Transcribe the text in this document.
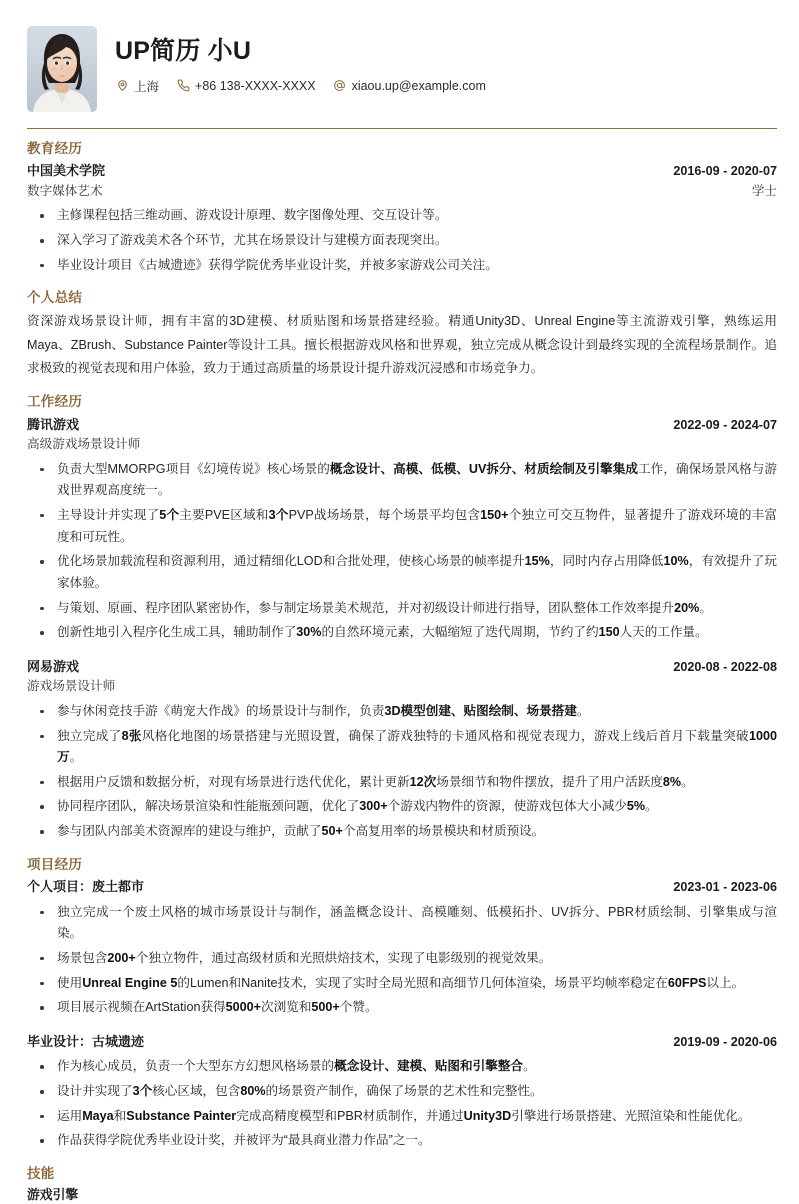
UP简历 小U
上海	+86 138-XXXX-XXXX	xiaou.up@example.com
教育经历
中国美术学院	2016-09 - 2020-07
数字媒体艺术	学士
主修课程包括三维动画、游戏设计原理、数字图像处理、交互设计等。
深入学习了游戏美术各个环节，尤其在场景设计与建模方面表现突出。
毕业设计项目《古城遗迹》获得学院优秀毕业设计奖，并被多家游戏公司关注。
个人总结

资深游戏场景设计师，拥有丰富的3D建模、材质贴图和场景搭建经验。精通Unity3D、Unreal Engine等主流游戏引擎，熟练运用Maya、ZBrush、Substance Painter等设计工具。擅长根据游戏风格和世界观，独立完成从概念设计到最终实现的全流程场景制作。追求极致的视觉表现和用户体验，致力于通过高质量的场景设计提升游戏沉浸感和市场竞争力。

工作经历
腾讯游戏	2022-09 - 2024-07
高级游戏场景设计师
负责大型MMORPG项目《幻境传说》核心场景的概念设计、高模、低模、UV拆分、材质绘制及引擎集成工作，确保场景风格与游戏世界观高度统一。
主导设计并实现了5个主要PVE区域和3个PVP战场场景，每个场景平均包含150+个独立可交互物件，显著提升了游戏环境的丰富度和可玩性。
优化场景加载流程和资源利用，通过精细化LOD和合批处理，使核心场景的帧率提升15%，同时内存占用降低10%，有效提升了玩家体验。
与策划、原画、程序团队紧密协作，参与制定场景美术规范，并对初级设计师进行指导，团队整体工作效率提升20%。
创新性地引入程序化生成工具，辅助制作了30%的自然环境元素，大幅缩短了迭代周期，节约了约150人天的工作量。
网易游戏	2020-08 - 2022-08
游戏场景设计师
参与休闲竞技手游《萌宠大作战》的场景设计与制作，负责3D模型创建、贴图绘制、场景搭建。
独立完成了8张风格化地图的场景搭建与光照设置，确保了游戏独特的卡通风格和视觉表现力，游戏上线后首月下载量突破1000万。
根据用户反馈和数据分析，对现有场景进行迭代优化，累计更新12次场景细节和物件摆放，提升了用户活跃度8%。
协同程序团队，解决场景渲染和性能瓶颈问题，优化了300+个游戏内物件的资源，使游戏包体大小减少5%。
参与团队内部美术资源库的建设与维护，贡献了50+个高复用率的场景模块和材质预设。
项目经历
个人项目：废土都市	2023-01 - 2023-06
独立完成一个废土风格的城市场景设计与制作，涵盖概念设计、高模雕刻、低模拓扑、UV拆分、PBR材质绘制、引擎集成与渲染。
场景包含200+个独立物件，通过高级材质和光照烘焙技术，实现了电影级别的视觉效果。
使用Unreal Engine 5的Lumen和Nanite技术，实现了实时全局光照和高细节几何体渲染，场景平均帧率稳定在60FPS以上。
项目展示视频在ArtStation获得5000+次浏览和500+个赞。
毕业设计：古城遗迹	2019-09 - 2020-06
作为核心成员，负责一个大型东方幻想风格场景的概念设计、建模、贴图和引擎整合。
设计并实现了3个核心区域，包含80%的场景资产制作，确保了场景的艺术性和完整性。
运用Maya和Substance Painter完成高精度模型和PBR材质制作，并通过Unity3D引擎进行场景搭建、光照渲染和性能优化。
作品获得学院优秀毕业设计奖，并被评为“最具商业潜力作品”之一。
技能
游戏引擎
